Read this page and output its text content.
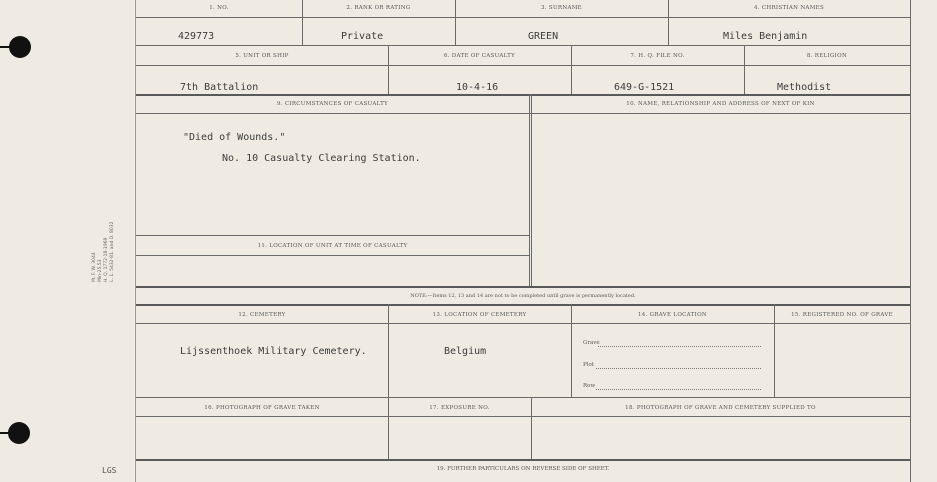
M. F. W. 3044
Min-25.53
H. Q. 1772-18-1969
L. 1. 5432-81. and D. 8032
LGS
1. NO.	2. RANK OR RATING	3. SURNAME	4. CHRISTIAN NAMES
429773	Private	GREEN	Miles Benjamin
5. UNIT OR SHIP	6. DATE OF CASUALTY	7. H. Q. FILE NO.	8. RELIGION
7th Battalion	10-4-16	649-G-1521	Methodist
9. CIRCUMSTANCES OF CASUALTY	10. NAME, RELATIONSHIP AND ADDRESS OF NEXT OF KIN
"Died of Wounds."
No. 10 Casualty Clearing Station.
11. LOCATION OF UNIT AT TIME OF CASUALTY
NOTE:—Items 12, 13 and 14 are not to be completed until grave is permanently located.
12. CEMETERY	13. LOCATION OF CEMETERY	14. GRAVE LOCATION	15. REGISTERED NO. OF GRAVE
Lijssenthoek Military Cemetery.	Belgium
Grave
Plot
Row
16. PHOTOGRAPH OF GRAVE TAKEN	17. EXPOSURE NO.	18. PHOTOGRAPH OF GRAVE AND CEMETERY SUPPLIED TO
19. FURTHER PARTICULARS ON REVERSE SIDE OF SHEET.
